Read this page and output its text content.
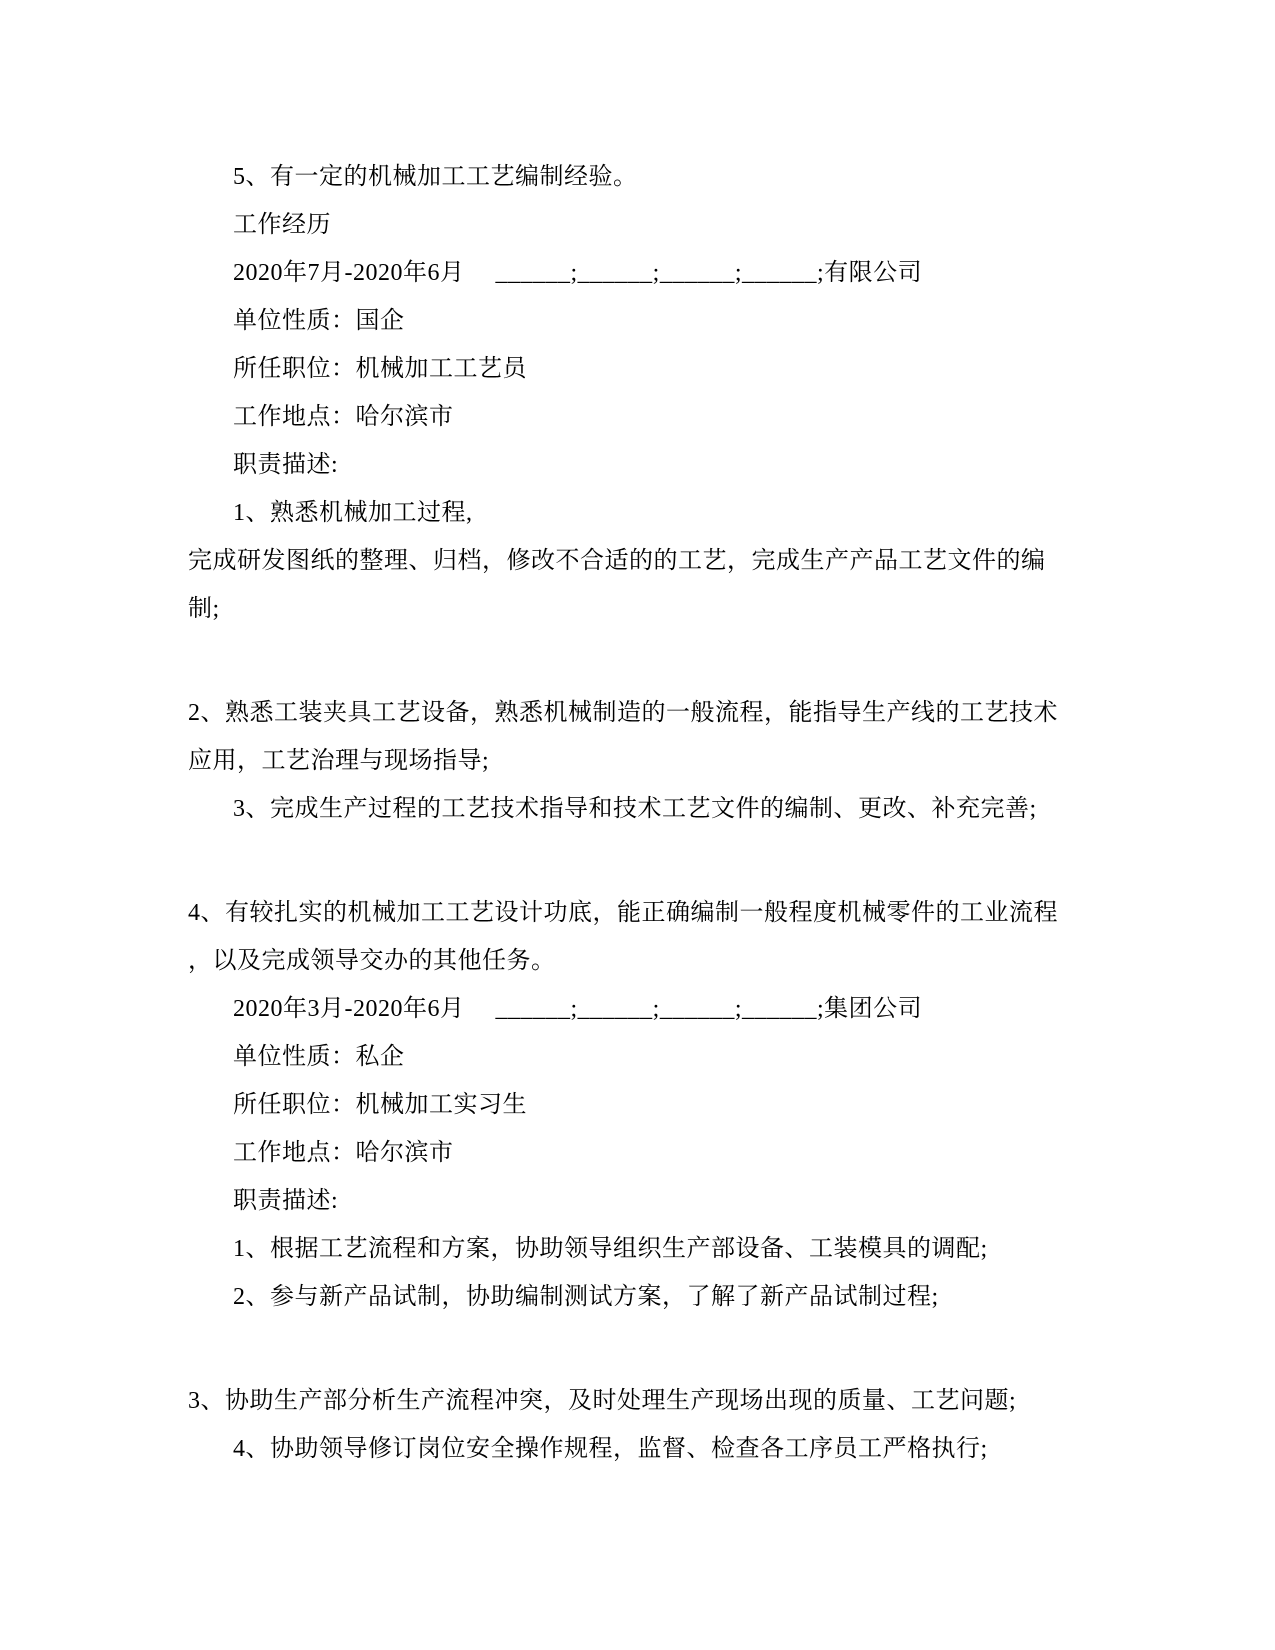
5、有一定的机械加工工艺编制经验。
工作经历
2020年7月-2020年6月 　______;______;______;______;有限公司
单位性质：国企
所任职位：机械加工工艺员
工作地点：哈尔滨市
职责描述:
1、熟悉机械加工过程,
完成研发图纸的整理、归档，修改不合适的的工艺，完成生产产品工艺文件的编
制;
2、熟悉工装夹具工艺设备，熟悉机械制造的一般流程，能指导生产线的工艺技术
应用，工艺治理与现场指导;
3、完成生产过程的工艺技术指导和技术工艺文件的编制、更改、补充完善;
4、有较扎实的机械加工工艺设计功底，能正确编制一般程度机械零件的工业流程
，以及完成领导交办的其他任务。
2020年3月-2020年6月 　______;______;______;______;集团公司
单位性质：私企
所任职位：机械加工实习生
工作地点：哈尔滨市
职责描述:
1、根据工艺流程和方案，协助领导组织生产部设备、工装模具的调配;
2、参与新产品试制，协助编制测试方案，了解了新产品试制过程;
3、协助生产部分析生产流程冲突，及时处理生产现场出现的质量、工艺问题;
4、协助领导修订岗位安全操作规程，监督、检查各工序员工严格执行;
